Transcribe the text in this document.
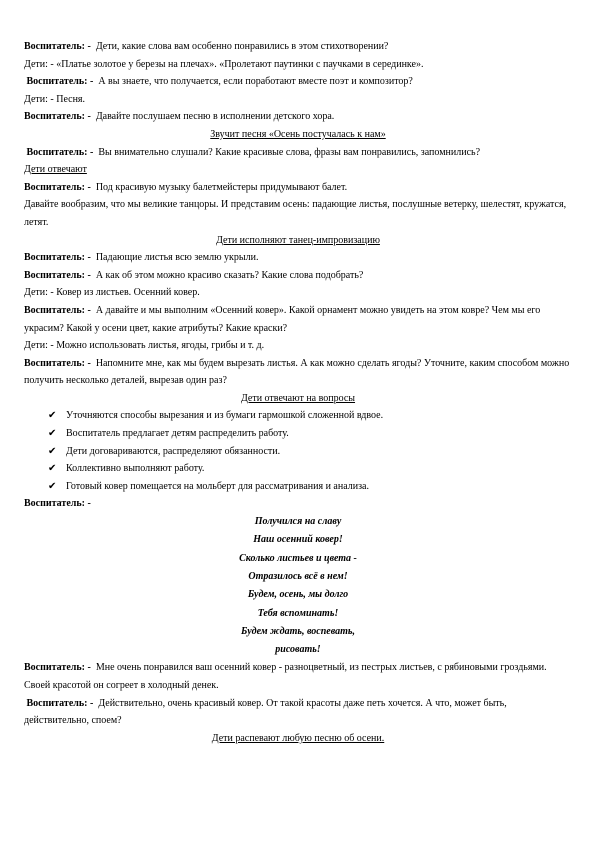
Воспитатель: - Дети, какие слова вам особенно понравились в этом стихотворении?

Дети: - «Платье золотое у березы на плечах». «Пролетают паутинки с паучками в серединке».

Воспитатель: - А вы знаете, что получается, если поработают вместе поэт и композитор?

Дети: - Песня.

Воспитатель: - Давайте послушаем песню в исполнении детского хора.

Звучит песня «Осень постучалась к нам»

Воспитатель: - Вы внимательно слушали? Какие красивые слова, фразы вам понравились, запомнились?

Дети отвечают

Воспитатель: - Под красивую музыку балетмейстеры придумывают балет.

Давайте вообразим, что мы великие танцоры. И представим осень: падающие листья, послушные ветерку, шелестят, кружатся, летят.

Дети исполняют танец-импровизацию

Воспитатель: - Падающие листья всю землю укрыли.

Воспитатель: - А как об этом можно красиво сказать? Какие слова подобрать?

Дети: - Ковер из листьев. Осенний ковер.

Воспитатель: - А давайте и мы выполним «Осенний ковер». Какой орнамент можно увидеть на этом ковре? Чем мы его украсим? Какой у осени цвет, какие атрибуты? Какие краски?

Дети: - Можно использовать листья, ягоды, грибы и т. д.

Воспитатель: - Напомните мне, как мы будем вырезать листья. А как можно сделать ягоды? Уточните, каким способом можно получить несколько деталей, вырезав один раз?

Дети отвечают на вопросы

✔ Уточняются способы вырезания и из бумаги гармошкой сложенной вдвое.
✔ Воспитатель предлагает детям распределить работу.
✔ Дети договариваются, распределяют обязанности.
✔ Коллективно выполняют работу.
✔ Готовый ковер помещается на мольберт для рассматривания и анализа.

Воспитатель: -

Получился на славу
Наш осенний ковер!
Сколько листьев и цвета -
Отразилось всё в нем!
Будем, осень, мы долго
Тебя вспоминать!
Будем ждать, воспевать,
рисовать!

Воспитатель: - Мне очень понравился ваш осенний ковер - разноцветный, из пестрых листьев, с рябиновыми гроздьями. Своей красотой он согреет в холодный денек.

Воспитатель: - Действительно, очень красивый ковер. От такой красоты даже петь хочется. А что, может быть, действительно, споем?

Дети распевают любую песню об осени.
